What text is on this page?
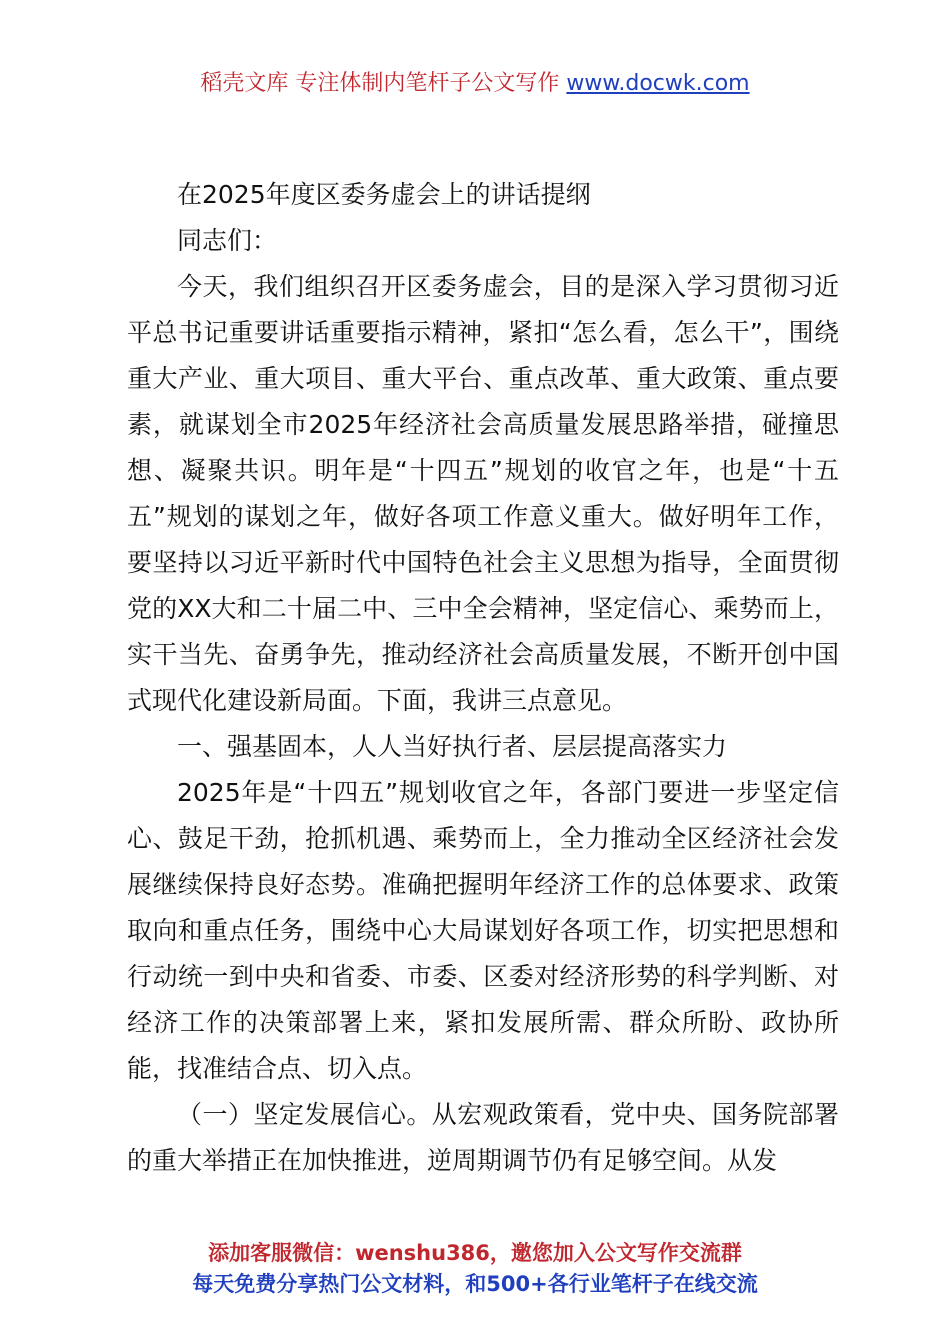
稻壳文库 专注体制内笔杆子公文写作 www.docwk.com

在2025年度区委务虚会上的讲话提纲

同志们：

今天，我们组织召开区委务虚会，目的是深入学习贯彻习近平总书记重要讲话重要指示精神，紧扣“怎么看，怎么干”，围绕重大产业、重大项目、重大平台、重点改革、重大政策、重点要素，就谋划全市2025年经济社会高质量发展思路举措，碰撞思想、凝聚共识。明年是“十四五”规划的收官之年，也是“十五五”规划的谋划之年，做好各项工作意义重大。做好明年工作，要坚持以习近平新时代中国特色社会主义思想为指导，全面贯彻党的XX大和二十届二中、三中全会精神，坚定信心、乘势而上，实干当先、奋勇争先，推动经济社会高质量发展，不断开创中国式现代化建设新局面。下面，我讲三点意见。

一、强基固本，人人当好执行者、层层提高落实力

2025年是“十四五”规划收官之年，各部门要进一步坚定信心、鼓足干劲，抢抓机遇、乘势而上，全力推动全区经济社会发展继续保持良好态势。准确把握明年经济工作的总体要求、政策取向和重点任务，围绕中心大局谋划好各项工作，切实把思想和行动统一到中央和省委、市委、区委对经济形势的科学判断、对经济工作的决策部署上来，紧扣发展所需、群众所盼、政协所能，找准结合点、切入点。

（一）坚定发展信心。从宏观政策看，党中央、国务院部署的重大举措正在加快推进，逆周期调节仍有足够空间。从发

添加客服微信：wenshu386，邀您加入公文写作交流群
每天免费分享热门公文材料，和500+各行业笔杆子在线交流
